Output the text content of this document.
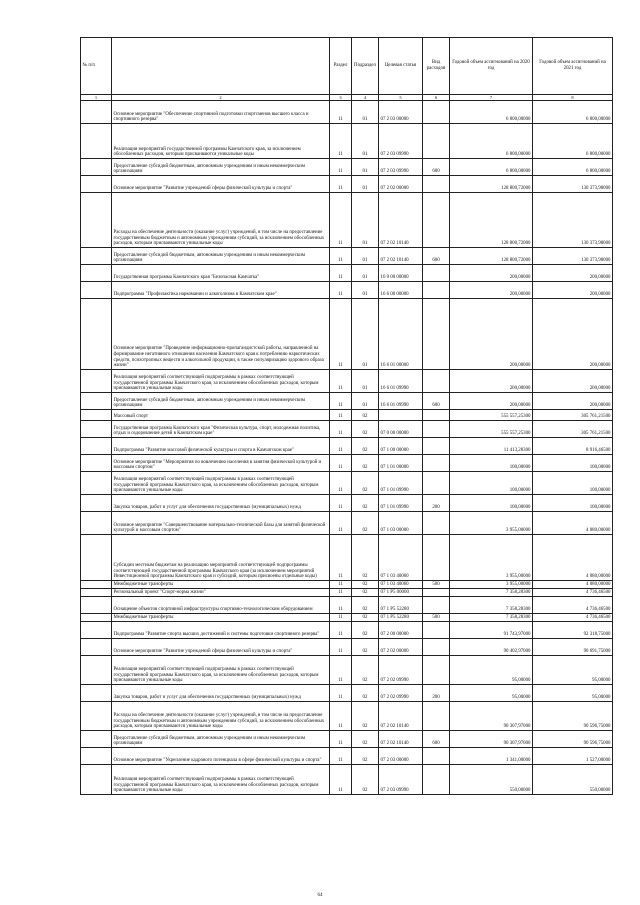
№ п/п		Раздел	Подраздел	Целевая статья	Вид расходов	Годовой объем ассигнований на 2020 год	Годовой объем ассигнований на 2021 год
1	2	3	4	5	6	7	8
	Основное мероприятие "Обеспечение спортивной подготовки спортсменов высшего класса и спортивного резерва"	11	01	07 2 03 00000		6 800,00000	6 800,00000
	Реализация мероприятий государственной программы Камчатского края, за исключением обособленных расходов, которым присваиваются уникальные коды	11	01	07 2 03 09990		6 800,00000	6 800,00000
	Предоставление субсидий бюджетным, автономным учреждениям и иным некоммерческим организациям	11	01	07 2 03 09990	600	6 800,00000	6 800,00000
	Основное мероприятие "Развитие учреждений сферы физической культуры и спорта"	11	01	07 2 02 00000		128 800,72000	130 373,98000
	Расходы на обеспечение деятельности (оказание услуг) учреждений, в том числе на предоставление государственным бюджетным и автономным учреждениям субсидий, за исключением обособленных расходов, которым присваиваются уникальные коды	11	01	07 2 02 10140		128 800,72000	130 373,98000
	Предоставление субсидий бюджетным, автономным учреждениям и иным некоммерческим организациям	11	01	07 2 02 10140	600	128 800,72000	130 373,98000
	Государственная программа Камчатского края "Безопасная Камчатка"	11	01	16 0 00 00000		200,00000	200,00000
	Подпрограмма "Профилактика наркомании и алкоголизма в Камчатском крае"	11	01	16 6 00 00000		200,00000	200,00000
	Основное мероприятие "Проведение информационно-пропагандистской работы, направленной на формирование негативного отношения населения Камчатского края к потреблению наркотических средств, психотропных веществ и алкогольной продукции, в также популяризацию здорового образа жизни"	11	01	16 6 01 00000		200,00000	200,00000
	Реализация мероприятий соответствующей подпрограммы в рамках соответствующей государственной программы Камчатского края, за исключением обособленных расходов, которым присваиваются уникальные коды	11	01	16 6 01 09990		200,00000	200,00000
	Предоставление субсидий бюджетным, автономным учреждениям и иным некоммерческим организациям	11	01	16 6 01 09990	600	200,00000	200,00000
	Массовый спорт	11	02			555 557,25300	305 761,21500
	Государственная программа Камчатского края "Физическая культура, спорт, молодежная политика, отдых и оздоровление детей в Камчатском крае"	11	02	07 0 00 00000		555 557,25300	305 761,21500
	Подпрограмма "Развитие массовой физической культуры и спорта в Камчатском крае"	11	02	07 1 00 00000		11 413,28300	8 916,46500
	Основное мероприятие "Мероприятия по вовлечению населения в занятия физической культурой и массовым спортом"	11	02	07 1 01 00000		100,00000	100,00000
	Реализация мероприятий соответствующей подпрограммы в рамках соответствующей государственной программы Камчатского края, за исключением обособленных расходов, которым присваиваются уникальные коды	11	02	07 1 01 09990		100,00000	100,00000
	Закупка товаров, работ и услуг для обеспечения государственных (муниципальных) нужд	11	02	07 1 01 09990	200	100,00000	100,00000
	Основное мероприятие "Совершенствование материально-технической базы для занятий физической культурой и массовым спортом"	11	02	07 1 03 00000		3 955,00000	4 080,00000
	Субсидии местным бюджетам на реализацию мероприятий соответствующей подпрограммы соответствующей государственной программы Камчатского края (за исключением мероприятий Инвестиционной программы Камчатского края и субсидий, которым присвоены отдельные коды)	11	02	07 1 03 40060		3 955,00000	4 080,00000
	Межбюджетные трансферты	11	02	07 1 03 40060	500	3 955,00000	4 080,00000
	Региональный проект "Спорт-норма жизни"	11	02	07 1 P5 00000		7 358,28300	4 736,46500
	Оснащение объектов спортивной инфраструктуры спортивно-технологическим оборудованием	11	02	07 1 P5 52280		7 358,28300	4 736,46500
	Межбюджетные трансферты	11	02	07 1 P5 52280	500	7 358,28300	4 736,46500
	Подпрограмма "Развитие спорта высших достижений и системы подготовки спортивного резерва"	11	02	07 2 00 00000		91 743,97000	92 318,75000
	Основное мероприятие "Развитие учреждений сферы физической культуры и спорта"	11	02	07 2 02 00000		90 402,97000	90 691,75000
	Реализация мероприятий соответствующей подпрограммы в рамках соответствующей государственной программы Камчатского края, за исключением обособленных расходов, которым присваиваются уникальные коды	11	02	07 2 02 09990		95,00000	95,00000
	Закупка товаров, работ и услуг для обеспечения государственных (муниципальных) нужд	11	02	07 2 02 09990	200	95,00000	95,00000
	Расходы на обеспечение деятельности (оказание услуг) учреждений, в том числе на предоставление государственным бюджетным и автономным учреждениям субсидий, за исключением обособленных расходов, которым присваиваются уникальные коды	11	02	07 2 02 10140		90 307,97000	90 596,75000
	Предоставление субсидий бюджетным, автономным учреждениям и иным некоммерческим организациям	11	02	07 2 02 10140	600	90 307,97000	90 596,75000
	Основное мероприятие "Укрепление кадрового потенциала в сфере физической культуры и спорта"	11	02	07 2 03 00000		1 341,00000	1 527,00000
	Реализация мероприятий соответствующей подпрограммы в рамках соответствующей государственной программы Камчатского края, за исключением обособленных расходов, которым присваиваются уникальные коды	11	02	07 2 03 09990		550,00000	550,00000
64
